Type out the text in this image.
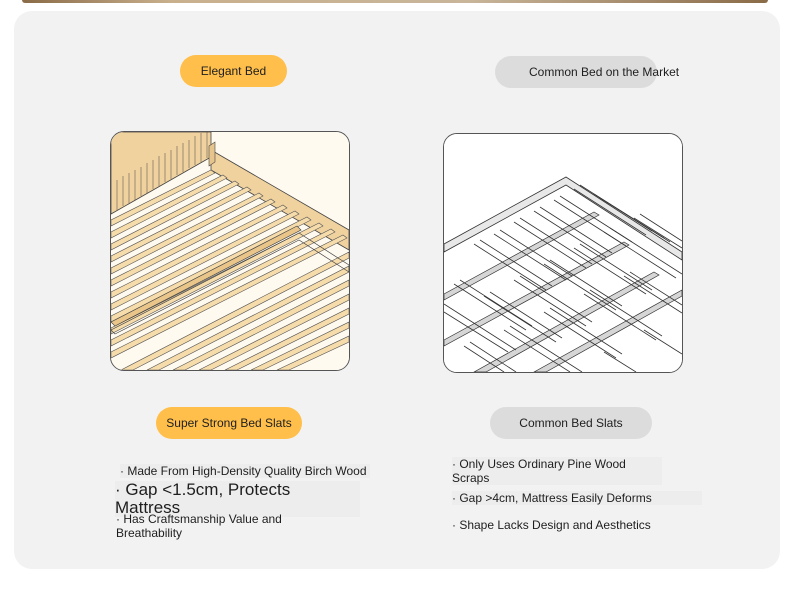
Elegant Bed
Super Strong Bed Slats
· Made From High-Density Quality Birch Wood
· Gap <1.5cm, Protects Mattress
· Has Craftsmanship Value and Breathability
Common Bed on the Market
Common Bed Slats
· Only Uses Ordinary Pine Wood Scraps
· Gap >4cm, Mattress Easily Deforms
· Shape Lacks Design and Aesthetics
